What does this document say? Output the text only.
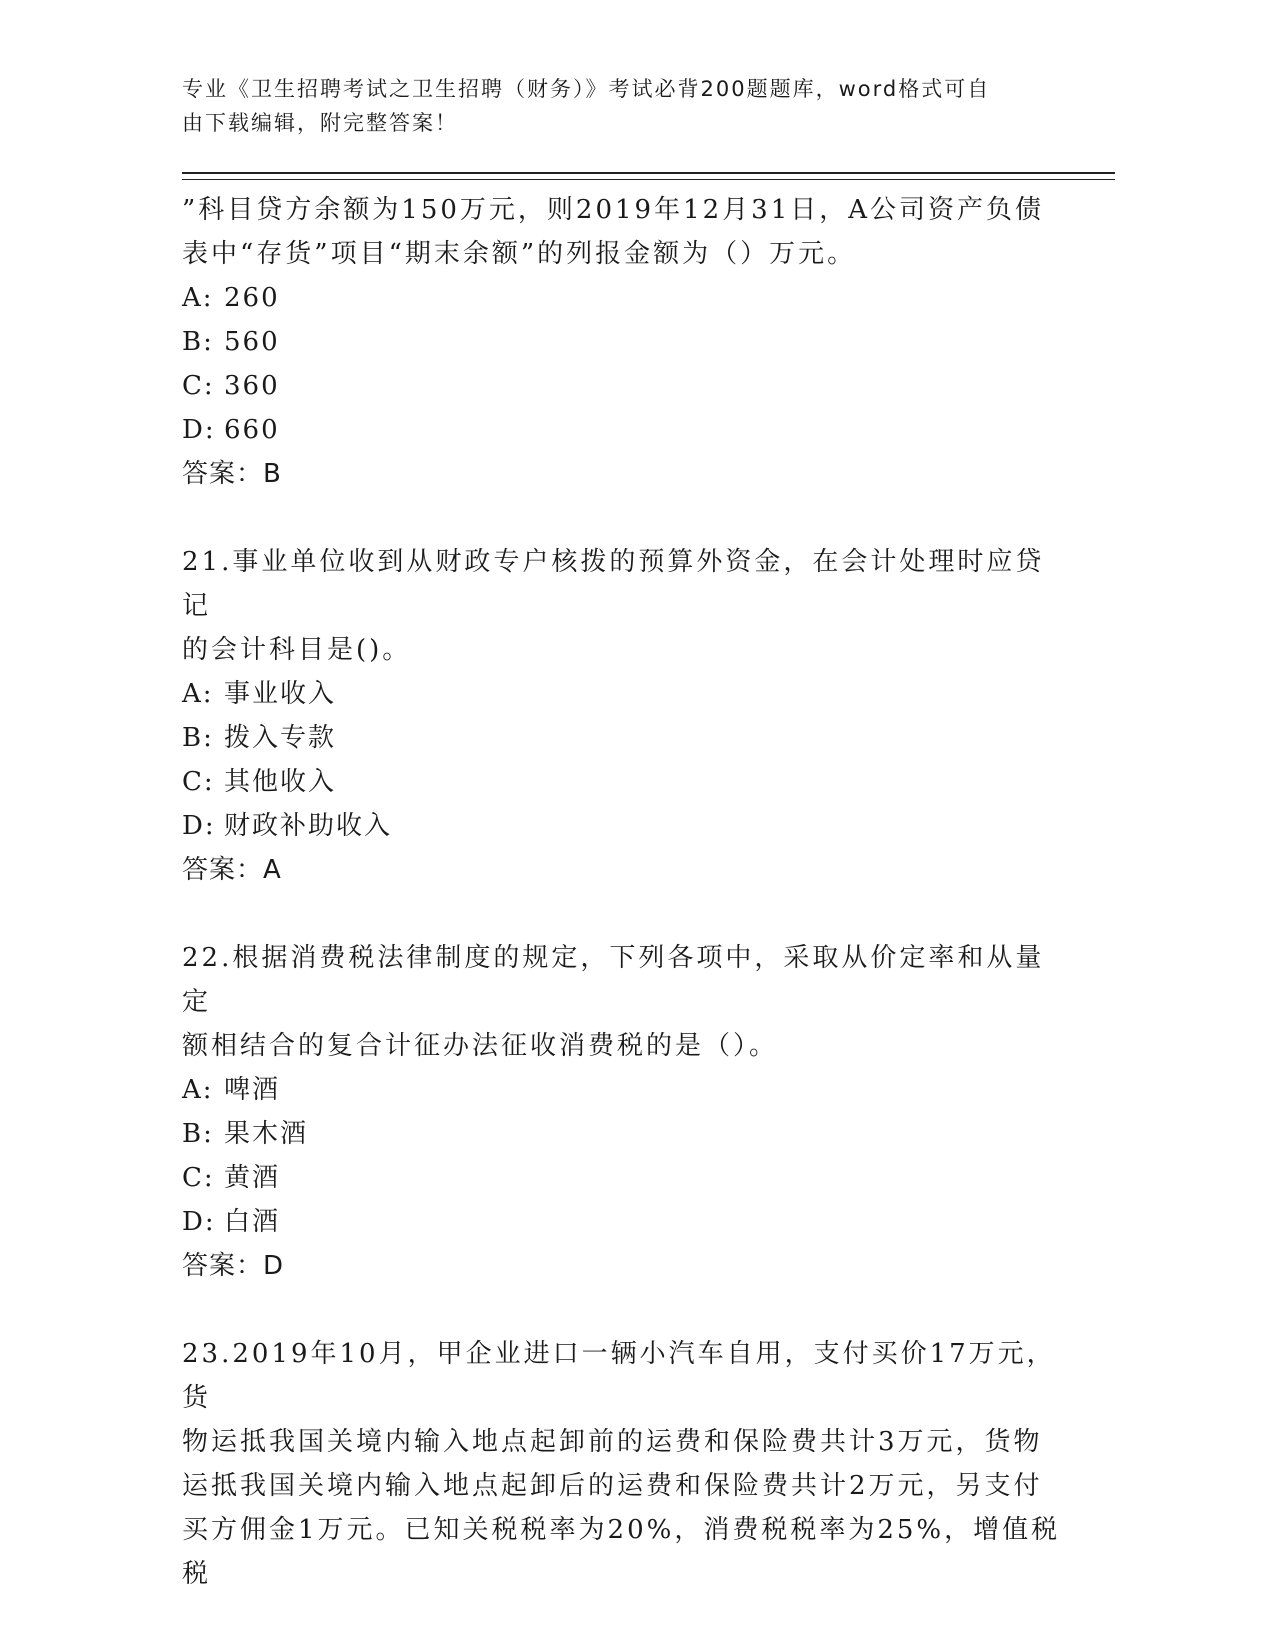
专业《卫生招聘考试之卫生招聘（财务）》考试必背200题题库，word格式可自
由下载编辑，附完整答案！

”科目贷方余额为150万元，则2019年12月31日，A公司资产负债

表中“存货”项目“期末余额”的列报金额为（）万元。

A: 260

B: 560

C: 360

D: 660

答案：B

21.事业单位收到从财政专户核拨的预算外资金，在会计处理时应贷记

的会计科目是()。

A: 事业收入

B: 拨入专款

C: 其他收入

D: 财政补助收入

答案：A

22.根据消费税法律制度的规定，下列各项中，采取从价定率和从量定

额相结合的复合计征办法征收消费税的是（）。

A: 啤酒

B: 果木酒

C: 黄酒

D: 白酒

答案：D

23.2019年10月，甲企业进口一辆小汽车自用，支付买价17万元，货

物运抵我国关境内输入地点起卸前的运费和保险费共计3万元，货物

运抵我国关境内输入地点起卸后的运费和保险费共计2万元，另支付

买方佣金1万元。已知关税税率为20%，消费税税率为25%，增值税税
